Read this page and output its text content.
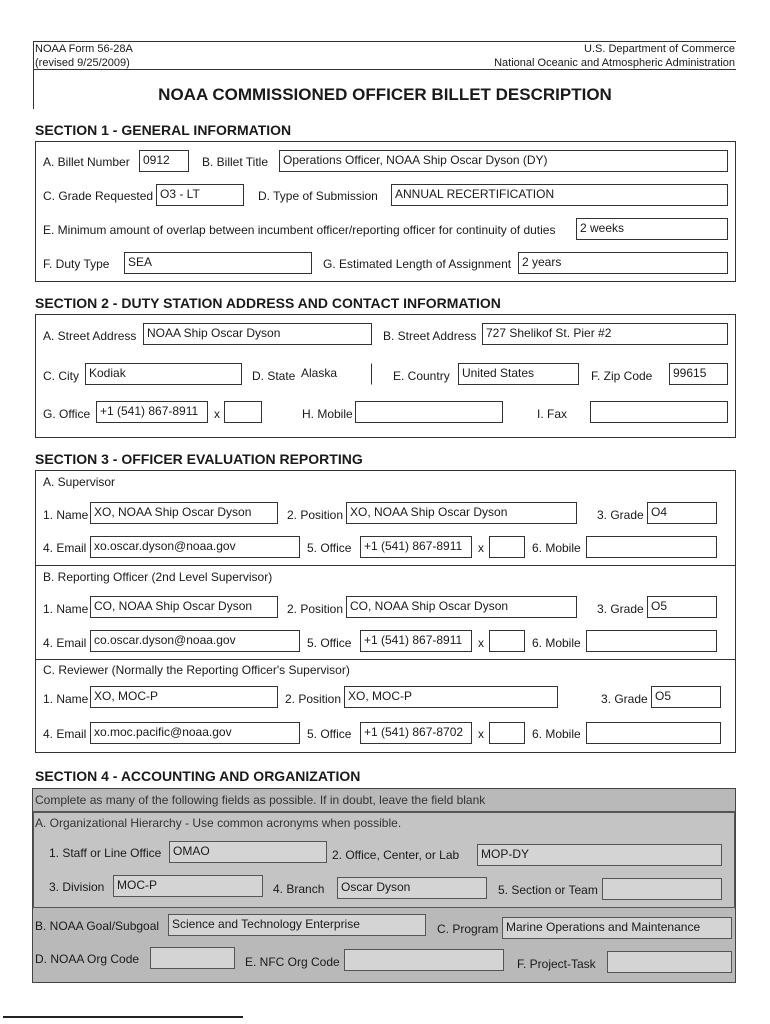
NOAA Form 56-28A
(revised 9/25/2009)
U.S. Department of Commerce
National Oceanic and Atmospheric Administration
NOAA COMMISSIONED OFFICER BILLET DESCRIPTION
SECTION 1 - GENERAL INFORMATION
A. Billet Number	0912	B. Billet Title	Operations Officer, NOAA Ship Oscar Dyson (DY)
C. Grade Requested O3 - LT	D. Type of Submission	ANNUAL RECERTIFICATION
E. Minimum amount of overlap between incumbent officer/reporting officer for continuity of duties	2 weeks
F. Duty Type	SEA	G. Estimated Length of Assignment 2 years
SECTION 2 - DUTY STATION ADDRESS AND CONTACT INFORMATION
A. Street Address NOAA Ship Oscar Dyson	B. Street Address 727 Shelikof St. Pier #2
C. City Kodiak	D. State Alaska	E. Country	United States	F. Zip Code	99615
G. Office +1 (541) 867-8911	x	H. Mobile	I. Fax
SECTION 3 - OFFICER EVALUATION REPORTING
A. Supervisor
1. Name XO, NOAA Ship Oscar Dyson	2. Position XO, NOAA Ship Oscar Dyson	3. Grade O4
4. Email xo.oscar.dyson@noaa.gov	5. Office	+1 (541) 867-8911	x	6. Mobile
B. Reporting Officer (2nd Level Supervisor)
1. Name CO, NOAA Ship Oscar Dyson	2. Position CO, NOAA Ship Oscar Dyson	3. Grade O5
4. Email co.oscar.dyson@noaa.gov	5. Office	+1 (541) 867-8911	x	6. Mobile
C. Reviewer (Normally the Reporting Officer's Supervisor)
1. Name XO, MOC-P	2. Position XO, MOC-P	3. Grade O5
4. Email xo.moc.pacific@noaa.gov	5. Office	+1 (541) 867-8702	x	6. Mobile
SECTION 4 - ACCOUNTING AND ORGANIZATION
Complete as many of the following fields as possible. If in doubt, leave the field blank
A. Organizational Hierarchy - Use common acronyms when possible.
1. Staff or Line Office OMAO	2. Office, Center, or Lab	MOP-DY
3. Division	MOC-P	4. Branch	Oscar Dyson	5. Section or Team
B. NOAA Goal/Subgoal	Science and Technology Enterprise	C. Program Marine Operations and Maintenance
D. NOAA Org Code	E. NFC Org Code	F. Project-Task
